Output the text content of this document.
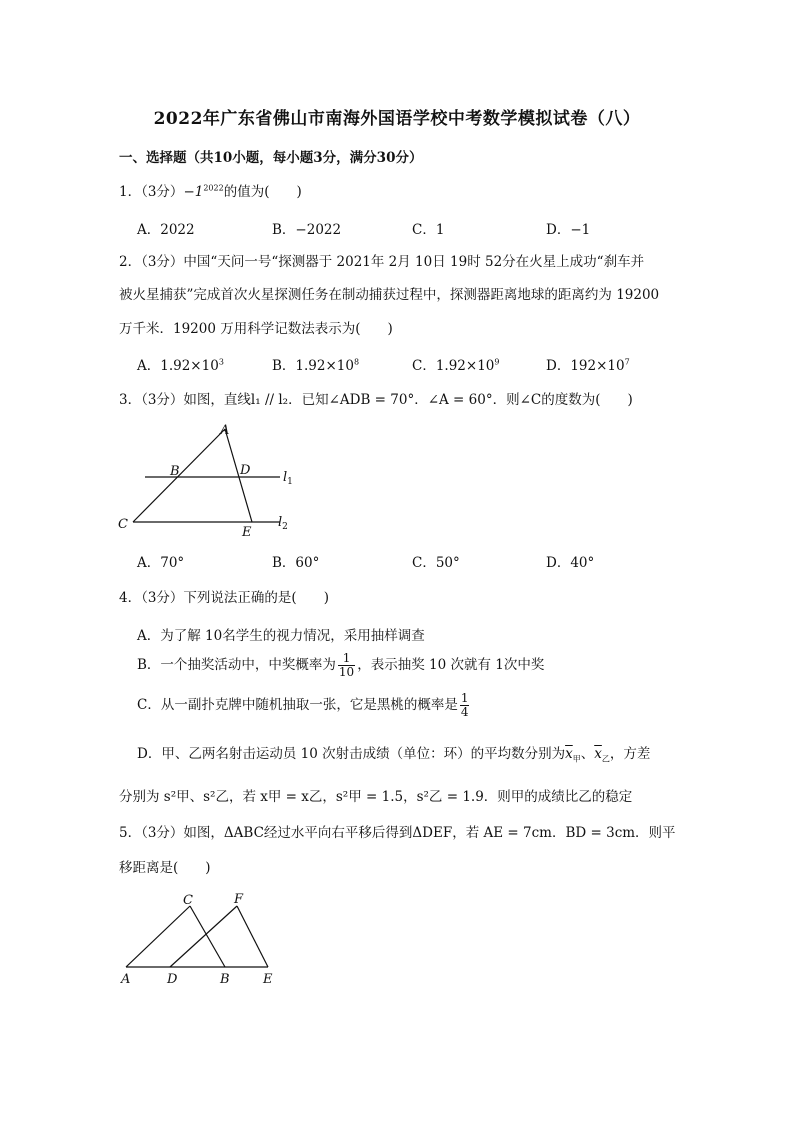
2022年广东省佛山市南海外国语学校中考数学模拟试卷（八）
一、选择题（共10小题，每小题3分，满分30分）
1．（3分）$-1^{2022}$的值为(　　)
A．2022	B．−2022	C．1	D．−1
2．（3分）中国“天问一号“探测器于 2021年 2月 10日 19时 52分在火星上成功“刹车并
被火星捕获”完成首次火星探测任务在制动捕获过程中，探测器距离地球的距离约为 19200
万千米．19200 万用科学记数法表示为(　　)
A．$1.92\times 10^3$	B．$1.92\times 10^8$	C．$1.92\times 10^9$	D．$192\times 10^7$
3．（3分）如图，直线l₁ // l₂．已知∠ADB = 70°．∠A = 60°．则∠C的度数为(　　)
A
B	D
C
E
$l_1$
$l_2$
A．70°	B．60°	C．50°	D．40°
4．（3分）下列说法正确的是(　　)
A．为了解 10名学生的视力情况，采用抽样调查
B．一个抽奖活动中，中奖概率为 $\frac{1}{10}$ ，表示抽奖 10 次就有 1次中奖
C．从一副扑克牌中随机抽取一张，它是黑桃的概率是 $\frac{1}{4}$
D．甲、乙两名射击运动员 10 次射击成绩（单位：环）的平均数分别为$\overline{x}_甲$、$\overline{x}_乙$，方差
分别为 s²甲、s²乙，若 x甲 = x乙，s²甲 = 1.5，s²乙 = 1.9．则甲的成绩比乙的稳定
5．（3分）如图，ΔABC经过水平向右平移后得到ΔDEF，若 AE = 7cm．BD = 3cm．则平
移距离是(　　)
C	F
A	D	B	E
